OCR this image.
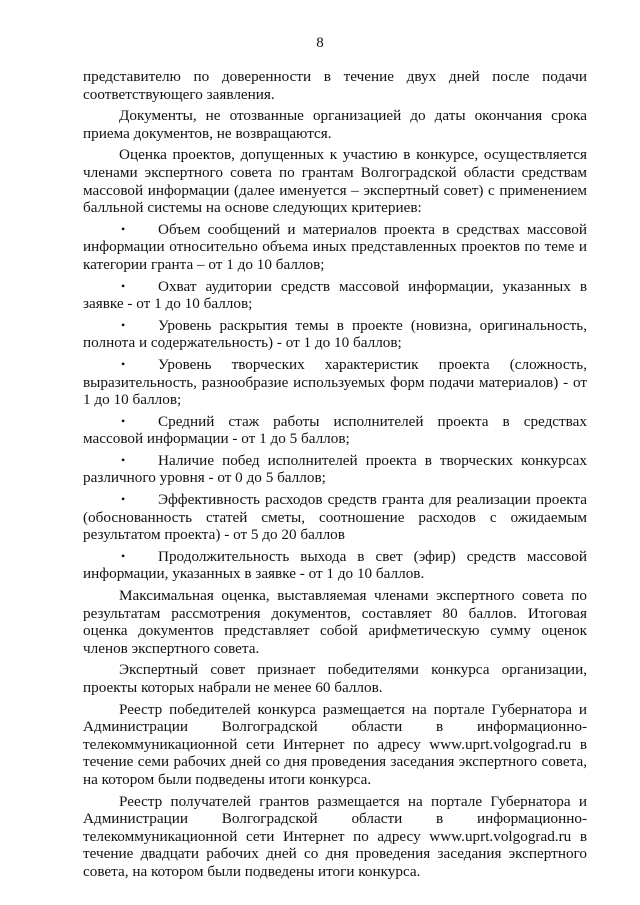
8

представителю по доверенности в течение двух дней после подачи соответствующего заявления.

Документы, не отозванные организацией до даты окончания срока приема документов, не возвращаются.

Оценка проектов, допущенных к участию в конкурсе, осуществляется членами экспертного совета по грантам Волгоградской области средствам массовой информации (далее именуется – экспертный совет) с применением балльной системы на основе следующих критериев:

• Объем сообщений и материалов проекта в средствах массовой информации относительно объема иных представленных проектов по теме и категории гранта – от 1 до 10 баллов;
• Охват аудитории средств массовой информации, указанных в заявке - от 1 до 10 баллов;
• Уровень раскрытия темы в проекте (новизна, оригинальность, полнота и содержательность) - от 1 до 10 баллов;
• Уровень творческих характеристик проекта (сложность, выразительность, разнообразие используемых форм подачи материалов) - от 1 до 10 баллов;
• Средний стаж работы исполнителей проекта в средствах массовой информации - от 1 до 5 баллов;
• Наличие побед исполнителей проекта в творческих конкурсах различного уровня - от 0 до 5 баллов;
• Эффективность расходов средств гранта для реализации проекта (обоснованность статей сметы, соотношение расходов с ожидаемым результатом проекта) - от 5 до 20 баллов
• Продолжительность выхода в свет (эфир) средств массовой информации, указанных в заявке - от 1 до 10 баллов.

Максимальная оценка, выставляемая членами экспертного совета по результатам рассмотрения документов, составляет 80 баллов. Итоговая оценка документов представляет собой арифметическую сумму оценок членов экспертного совета.

Экспертный совет признает победителями конкурса организации, проекты которых набрали не менее 60 баллов.

Реестр победителей конкурса размещается на портале Губернатора и Администрации Волгоградской области в информационно-телекоммуникационной сети Интернет по адресу www.uprt.volgograd.ru в течение семи рабочих дней со дня проведения заседания экспертного совета, на котором были подведены итоги конкурса.

Реестр получателей грантов размещается на портале Губернатора и Администрации Волгоградской области в информационно-телекоммуникационной сети Интернет по адресу www.uprt.volgograd.ru в течение двадцати рабочих дней со дня проведения заседания экспертного совета, на котором были подведены итоги конкурса.
